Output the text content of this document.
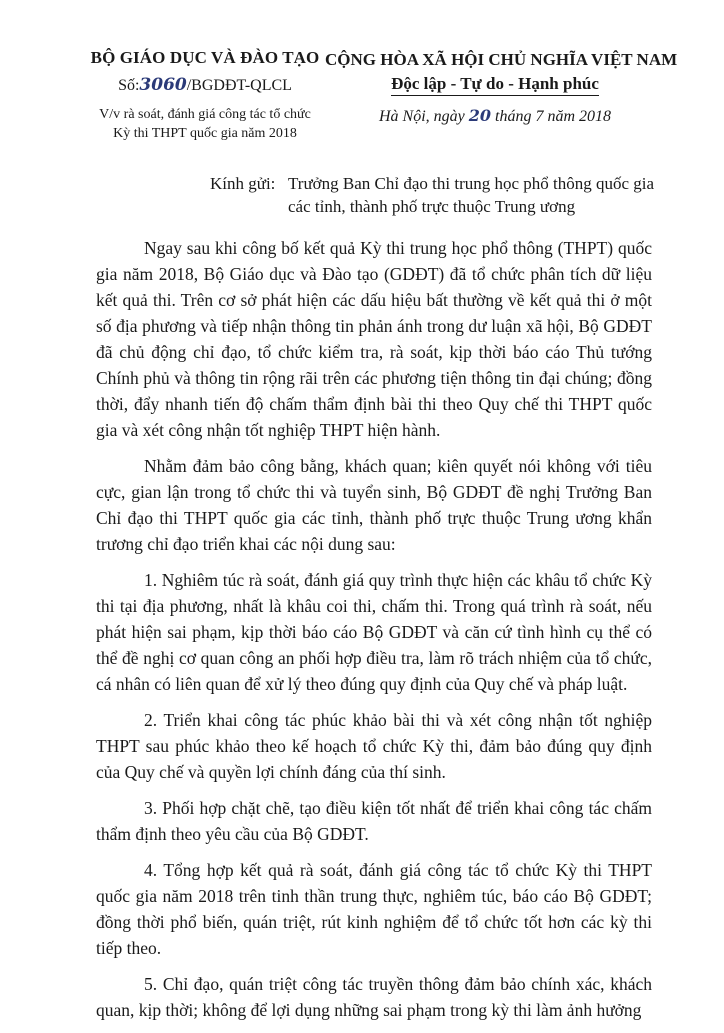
BỘ GIÁO DỤC VÀ ĐÀO TẠO
Số:3060/BGDĐT-QLCL
V/v rà soát, đánh giá công tác tổ chức
Kỳ thi THPT quốc gia năm 2018
CỘNG HÒA XÃ HỘI CHỦ NGHĨA VIỆT NAM
Độc lập - Tự do - Hạnh phúc
Hà Nội, ngày 20 tháng 7 năm 2018
Kính gửi: Trưởng Ban Chỉ đạo thi trung học phổ thông quốc gia
các tỉnh, thành phố trực thuộc Trung ương

Ngay sau khi công bố kết quả Kỳ thi trung học phổ thông (THPT) quốc gia năm 2018, Bộ Giáo dục và Đào tạo (GDĐT) đã tổ chức phân tích dữ liệu kết quả thi. Trên cơ sở phát hiện các dấu hiệu bất thường về kết quả thi ở một số địa phương và tiếp nhận thông tin phản ánh trong dư luận xã hội, Bộ GDĐT đã chủ động chỉ đạo, tổ chức kiểm tra, rà soát, kịp thời báo cáo Thủ tướng Chính phủ và thông tin rộng rãi trên các phương tiện thông tin đại chúng; đồng thời, đẩy nhanh tiến độ chấm thẩm định bài thi theo Quy chế thi THPT quốc gia và xét công nhận tốt nghiệp THPT hiện hành.

Nhằm đảm bảo công bằng, khách quan; kiên quyết nói không với tiêu cực, gian lận trong tổ chức thi và tuyển sinh, Bộ GDĐT đề nghị Trưởng Ban Chỉ đạo thi THPT quốc gia các tỉnh, thành phố trực thuộc Trung ương khẩn trương chỉ đạo triển khai các nội dung sau:

1. Nghiêm túc rà soát, đánh giá quy trình thực hiện các khâu tổ chức Kỳ thi tại địa phương, nhất là khâu coi thi, chấm thi. Trong quá trình rà soát, nếu phát hiện sai phạm, kịp thời báo cáo Bộ GDĐT và căn cứ tình hình cụ thể có thể đề nghị cơ quan công an phối hợp điều tra, làm rõ trách nhiệm của tổ chức, cá nhân có liên quan để xử lý theo đúng quy định của Quy chế và pháp luật.

2. Triển khai công tác phúc khảo bài thi và xét công nhận tốt nghiệp THPT sau phúc khảo theo kế hoạch tổ chức Kỳ thi, đảm bảo đúng quy định của Quy chế và quyền lợi chính đáng của thí sinh.

3. Phối hợp chặt chẽ, tạo điều kiện tốt nhất để triển khai công tác chấm thẩm định theo yêu cầu của Bộ GDĐT.

4. Tổng hợp kết quả rà soát, đánh giá công tác tổ chức Kỳ thi THPT quốc gia năm 2018 trên tinh thần trung thực, nghiêm túc, báo cáo Bộ GDĐT; đồng thời phổ biến, quán triệt, rút kinh nghiệm để tổ chức tốt hơn các kỳ thi tiếp theo.

5. Chỉ đạo, quán triệt công tác truyền thông đảm bảo chính xác, khách quan, kịp thời; không để lợi dụng những sai phạm trong kỳ thi làm ảnh hưởng
